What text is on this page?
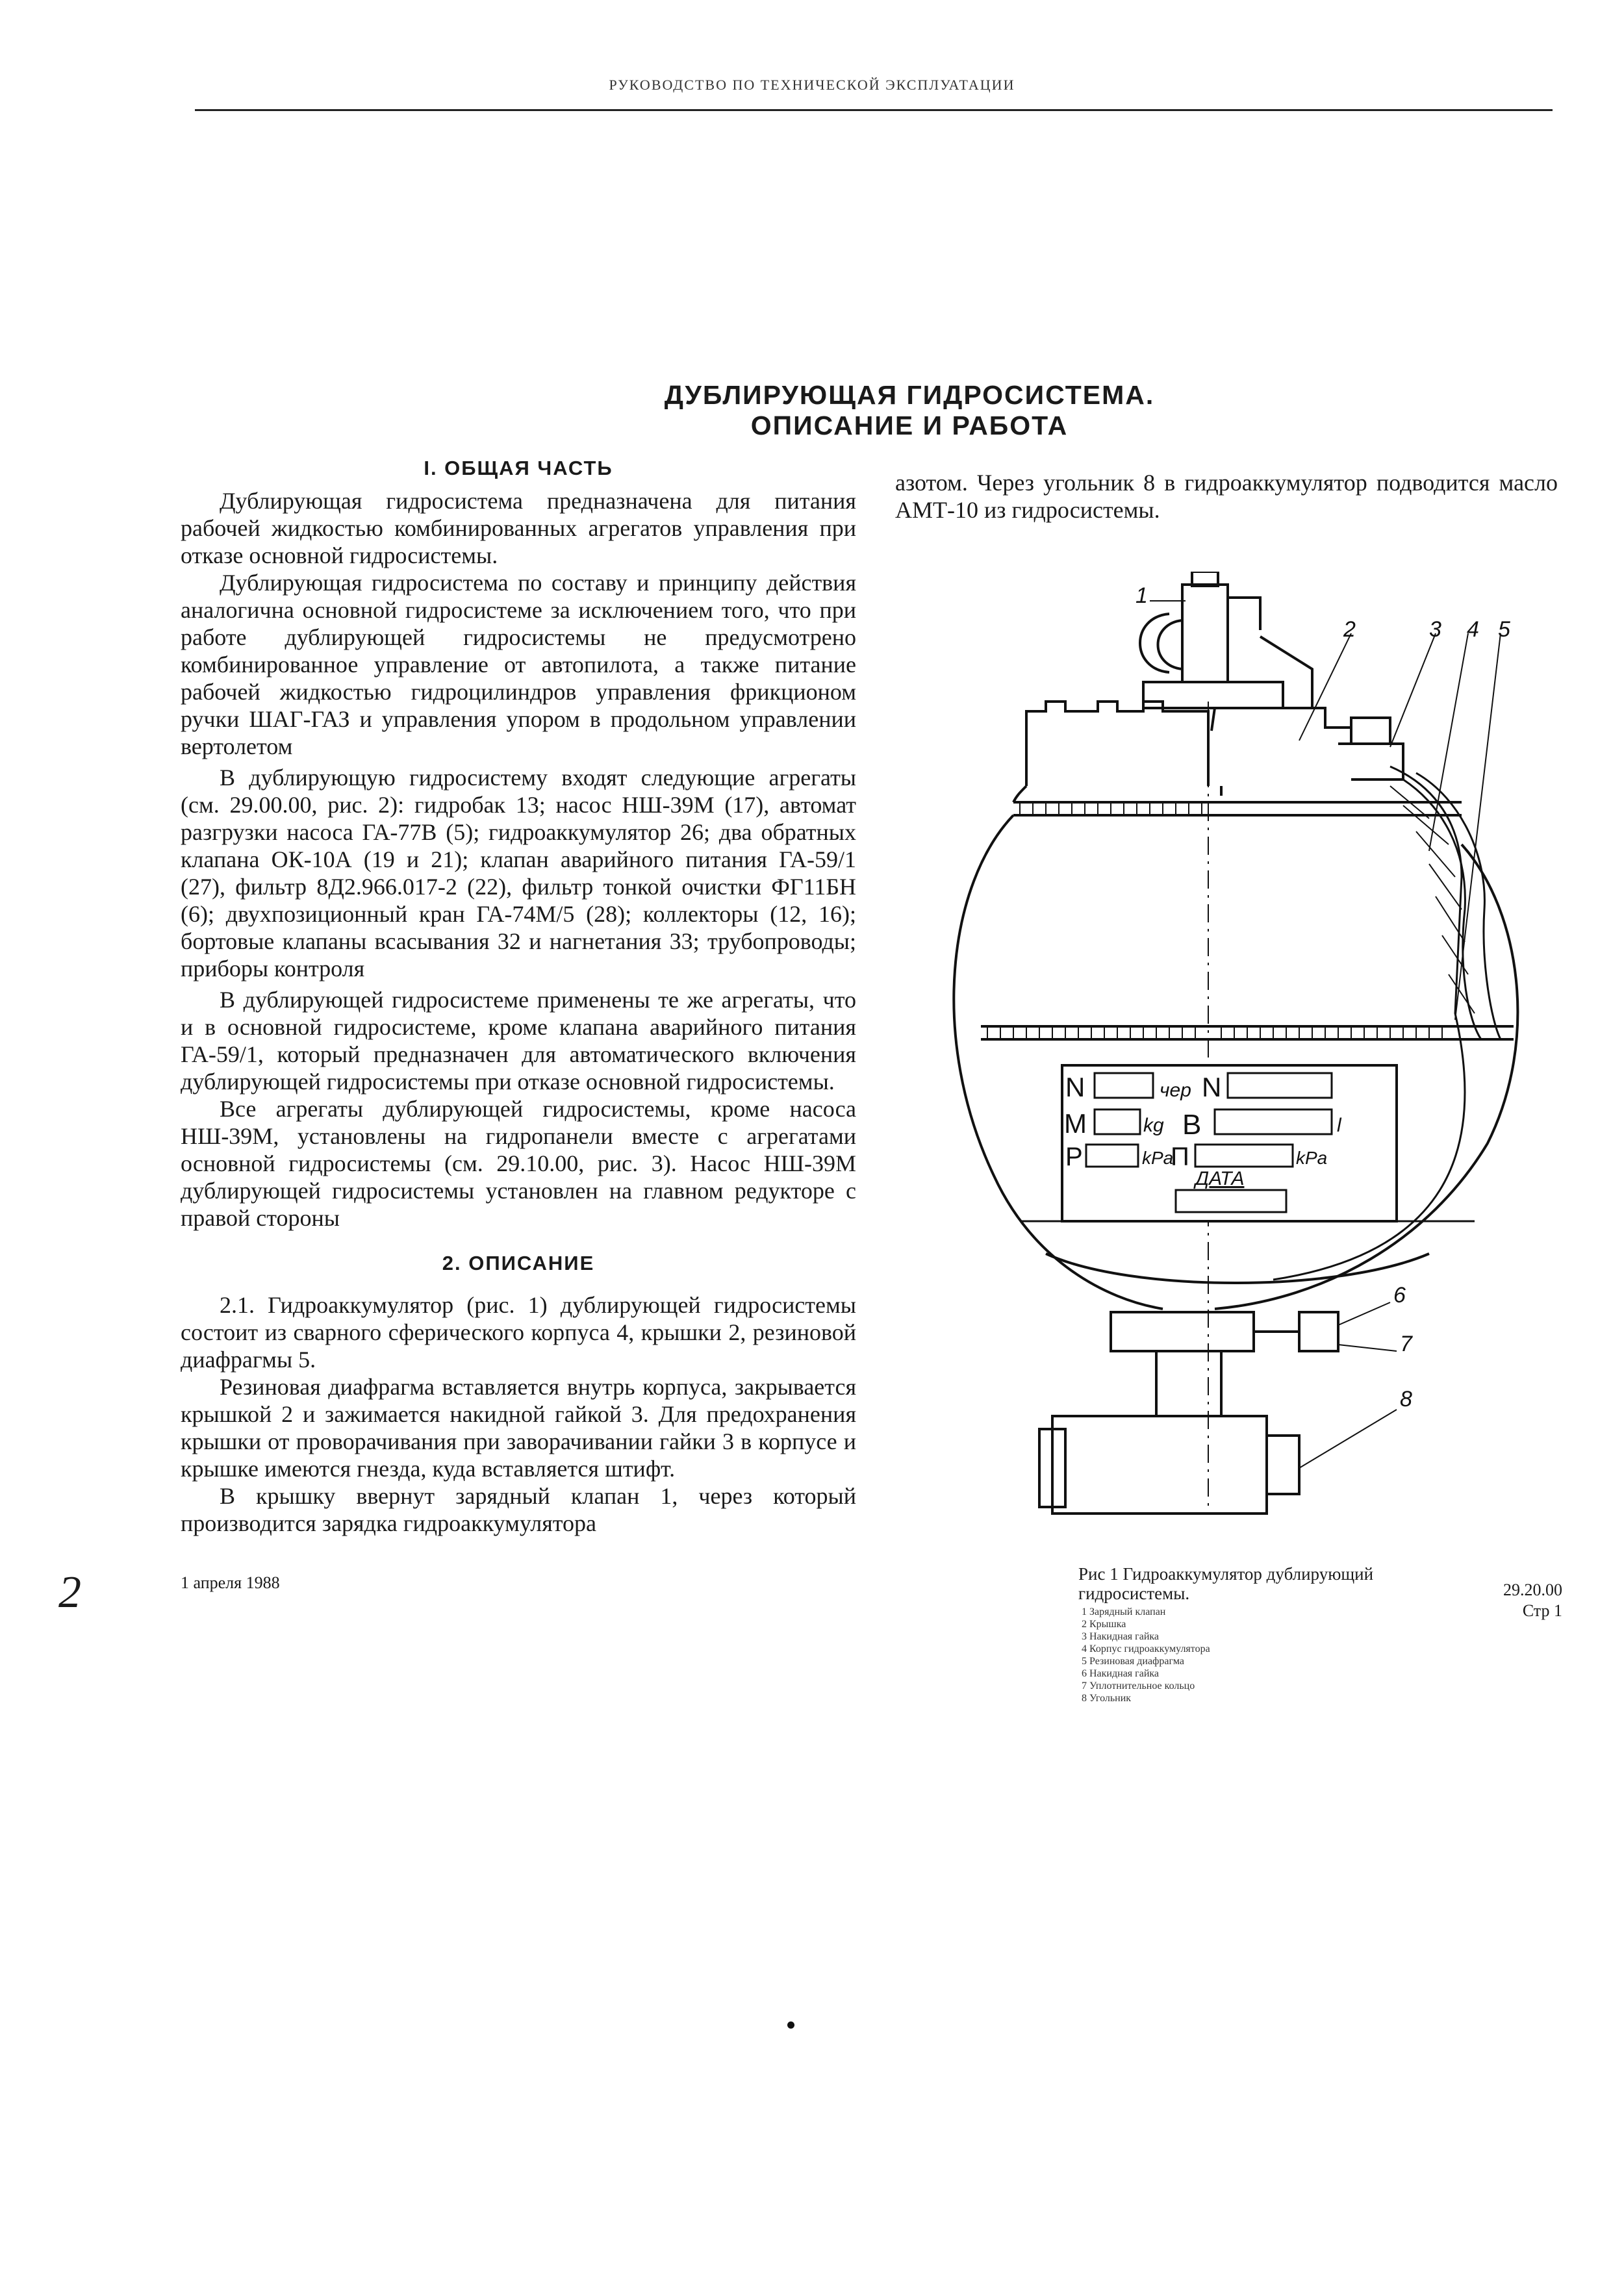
РУКОВОДСТВО ПО ТЕХНИЧЕСКОЙ ЭКСПЛУАТАЦИИ
ДУБЛИРУЮЩАЯ ГИДРОСИСТЕМА.
ОПИСАНИЕ И РАБОТА
I. ОБЩАЯ ЧАСТЬ

Дублирующая гидросистема предназначена для питания рабочей жидкостью комбинированных агрегатов управления при отказе основной гидросистемы.

Дублирующая гидросистема по составу и принципу действия аналогична основной гидросистеме за исключением того, что при работе дублирующей гидросистемы не предусмотрено комбинированное управление от автопилота, а также питание рабочей жидкостью гидроцилиндров управления фрикционом ручки ШАГ-ГАЗ и управления упором в продольном управлении вертолетом

В дублирующую гидросистему входят следующие агрегаты (см. 29.00.00, рис. 2): гидробак 13; насос НШ-39М (17), автомат разгрузки насоса ГА-77В (5); гидроаккумулятор 26; два обратных клапана ОК-10А (19 и 21); клапан аварийного питания ГА-59/1 (27), фильтр 8Д2.966.017-2 (22), фильтр тонкой очистки ФГ11БН (6); двухпозиционный кран ГА-74М/5 (28); коллекторы (12, 16); бортовые клапаны всасывания 32 и нагнетания 33; трубопроводы; приборы контроля

В дублирующей гидросистеме применены те же агрегаты, что и в основной гидросистеме, кроме клапана аварийного питания ГА-59/1, который предназначен для автоматического включения дублирующей гидросистемы при отказе основной гидросистемы.

Все агрегаты дублирующей гидросистемы, кроме насоса НШ-39М, установлены на гидропанели вместе с агрегатами основной гидросистемы (см. 29.10.00, рис. 3). Насос НШ-39М дублирующей гидросистемы установлен на главном редукторе с правой стороны

2. ОПИСАНИЕ

2.1. Гидроаккумулятор (рис. 1) дублирующей гидросистемы состоит из сварного сферического корпуса 4, крышки 2, резиновой диафрагмы 5.

Резиновая диафрагма вставляется внутрь корпуса, закрывается крышкой 2 и зажимается накидной гайкой 3. Для предохранения крышки от проворачивания при заворачивании гайки 3 в корпусе и крышке имеются гнезда, куда вставляется штифт.

В крышку ввернут зарядный клапан 1, через который производится зарядка гидроаккумулятора

азотом. Через угольник 8 в гидроаккумулятор подводится масло АМТ-10 из гидросистемы.

1
2	3 4 5
6
7
8
N	чер N
M	kg В	l
P	kPa
П	kPa
ДАТА
Рис 1 Гидроаккумулятор дублирующий гидросистемы.
1 Зарядный клапан
2 Крышка
3 Накидная гайка
4 Корпус гидроаккумулятора
5 Резиновая диафрагма
6 Накидная гайка
7 Уплотнительное кольцо
8 Угольник
2	1 апреля 1988	29.20.00
Стр 1
